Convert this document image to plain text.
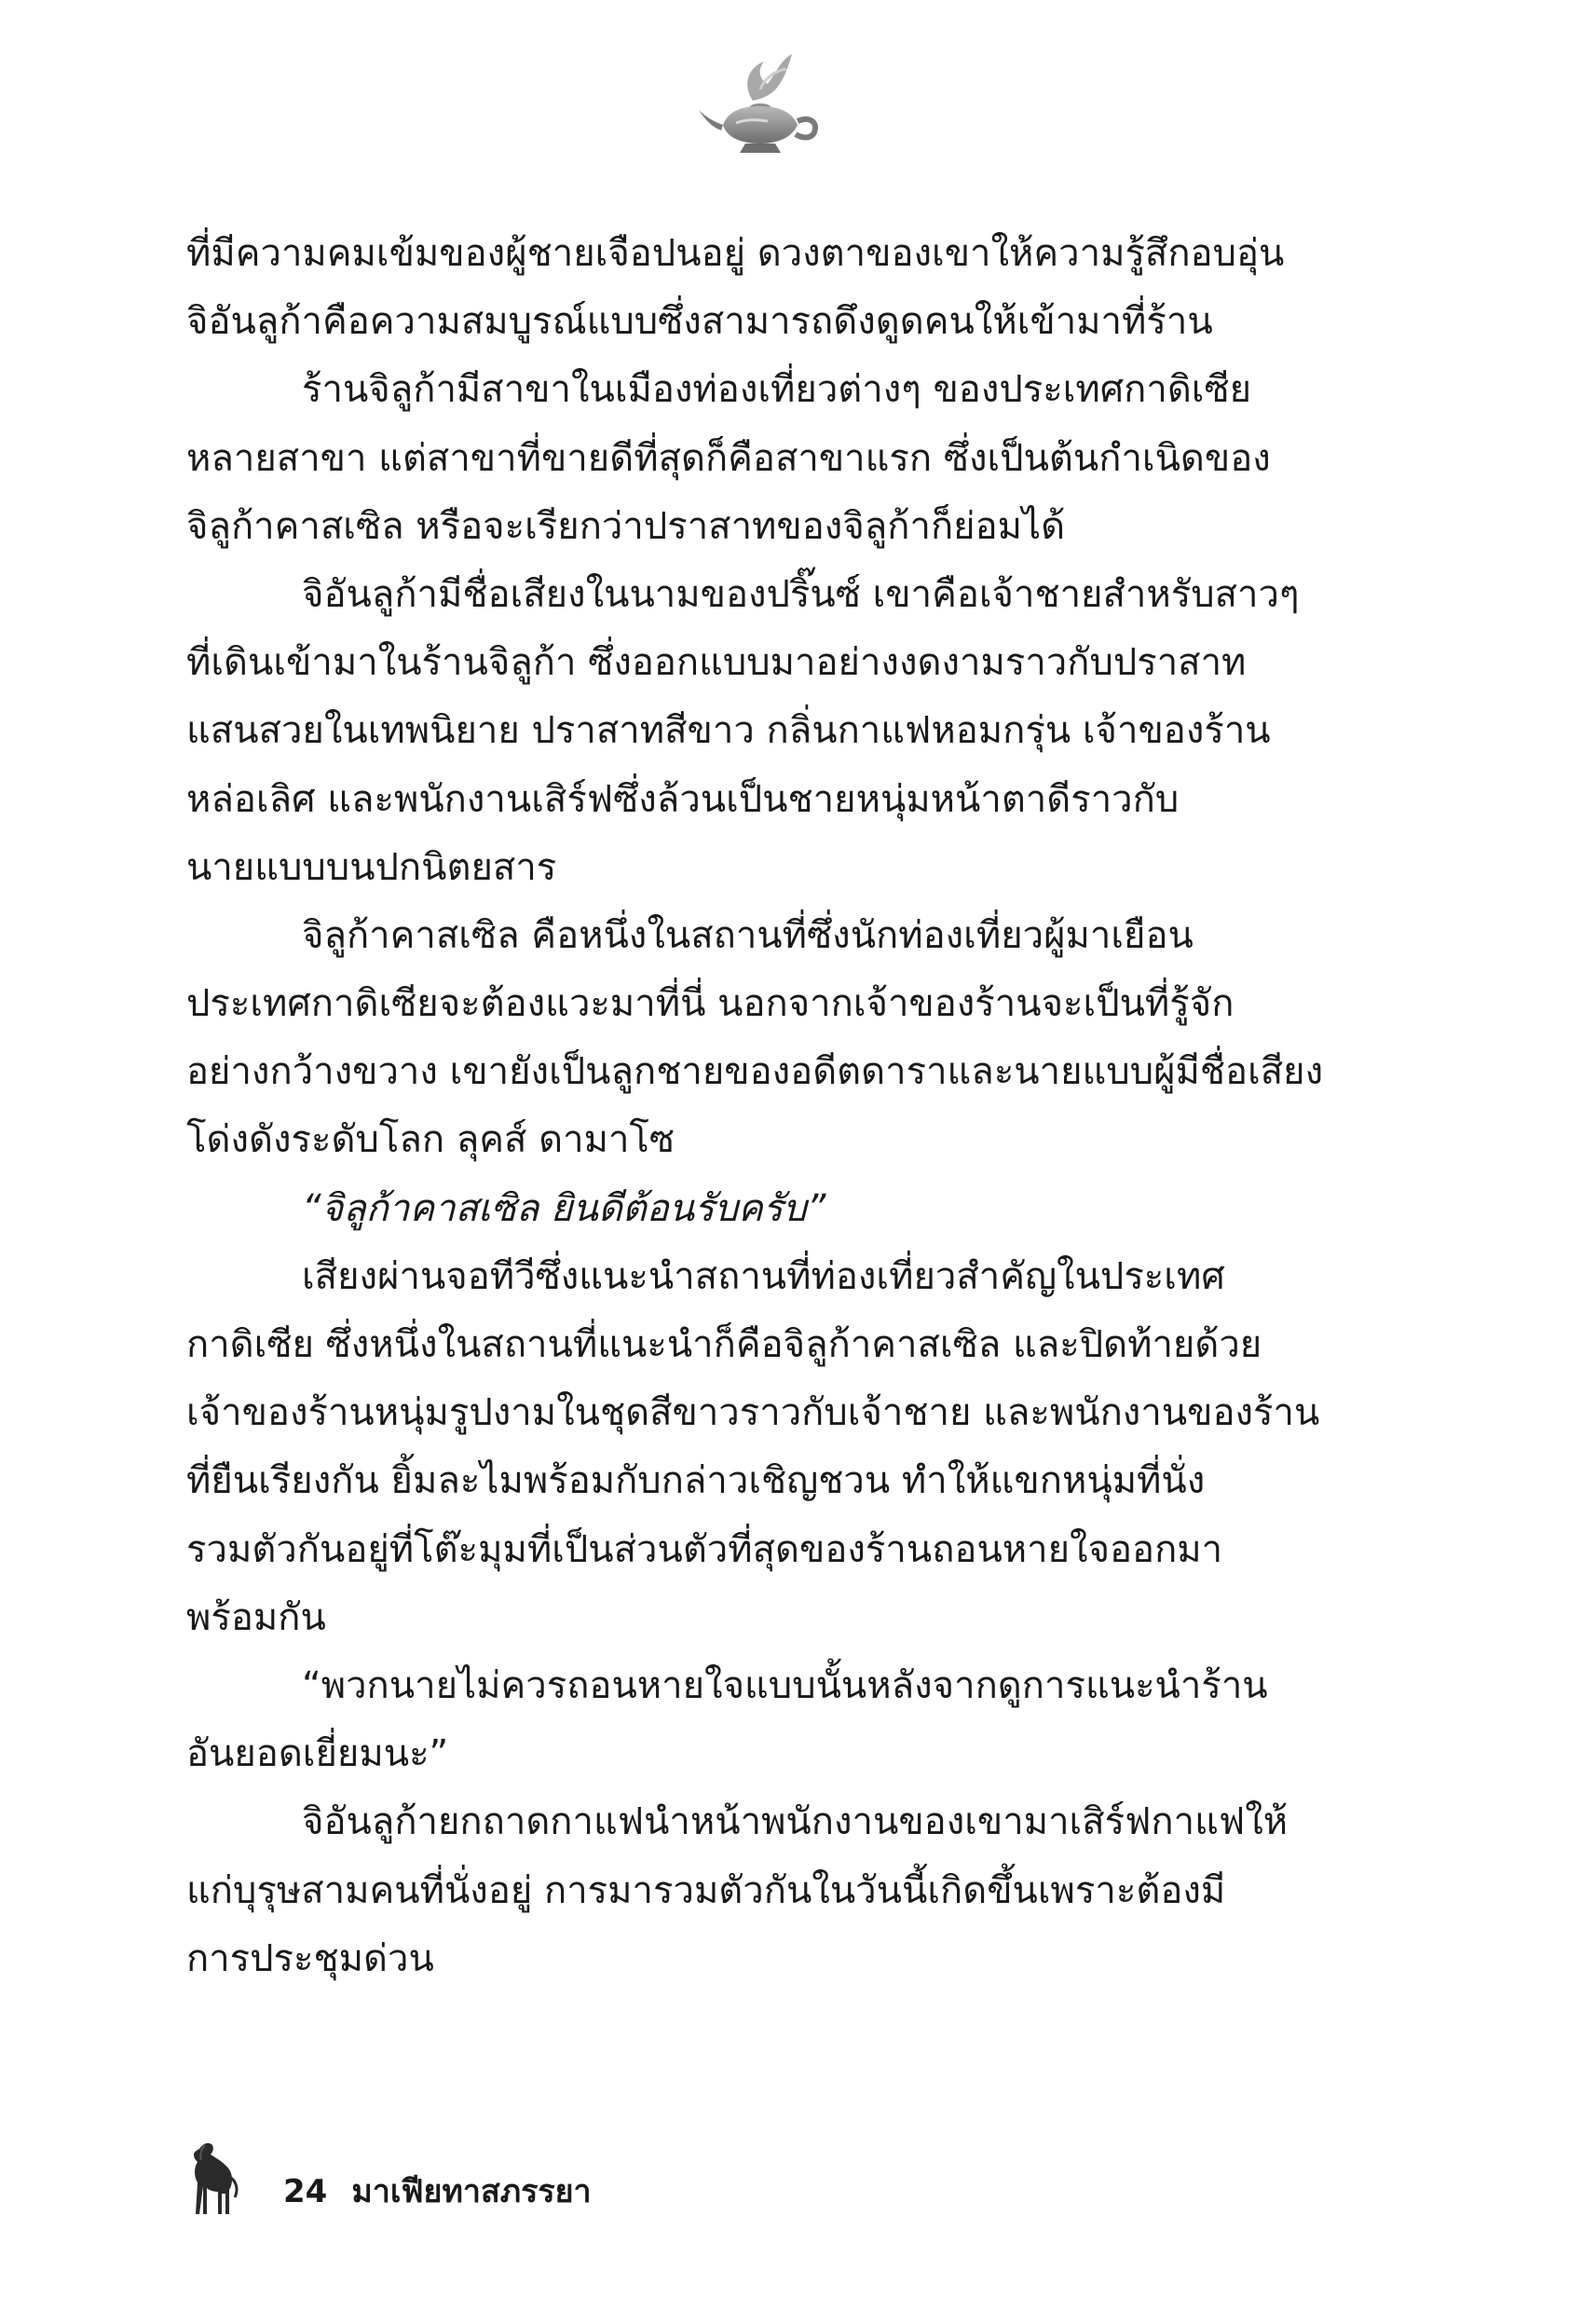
ที่มีความคมเข้มของผู้ชายเจือปนอยู่ ดวงตาของเขาให้ความรู้สึกอบอุ่น
จิอันลูก้าคือความสมบูรณ์แบบซึ่งสามารถดึงดูดคนให้เข้ามาที่ร้าน
ร้านจิลูก้ามีสาขาในเมืองท่องเที่ยวต่างๆ ของประเทศกาดิเซีย
หลายสาขา แต่สาขาที่ขายดีที่สุดก็คือสาขาแรก ซึ่งเป็นต้นกำเนิดของ
จิลูก้าคาสเซิล หรือจะเรียกว่าปราสาทของจิลูก้าก็ย่อมได้
จิอันลูก้ามีชื่อเสียงในนามของปริ๊นซ์ เขาคือเจ้าชายสำหรับสาวๆ
ที่เดินเข้ามาในร้านจิลูก้า ซึ่งออกแบบมาอย่างงดงามราวกับปราสาท
แสนสวยในเทพนิยาย ปราสาทสีขาว กลิ่นกาแฟหอมกรุ่น เจ้าของร้าน
หล่อเลิศ และพนักงานเสิร์ฟซึ่งล้วนเป็นชายหนุ่มหน้าตาดีราวกับ
นายแบบบนปกนิตยสาร
จิลูก้าคาสเซิล คือหนึ่งในสถานที่ซึ่งนักท่องเที่ยวผู้มาเยือน
ประเทศกาดิเซียจะต้องแวะมาที่นี่ นอกจากเจ้าของร้านจะเป็นที่รู้จัก
อย่างกว้างขวาง เขายังเป็นลูกชายของอดีตดาราและนายแบบผู้มีชื่อเสียง
โด่งดังระดับโลก ลุคส์ ดามาโซ
“จิลูก้าคาสเซิล ยินดีต้อนรับครับ”
เสียงผ่านจอทีวีซึ่งแนะนำสถานที่ท่องเที่ยวสำคัญในประเทศ
กาดิเซีย ซึ่งหนึ่งในสถานที่แนะนำก็คือจิลูก้าคาสเซิล และปิดท้ายด้วย
เจ้าของร้านหนุ่มรูปงามในชุดสีขาวราวกับเจ้าชาย และพนักงานของร้าน
ที่ยืนเรียงกัน ยิ้มละไมพร้อมกับกล่าวเชิญชวน ทำให้แขกหนุ่มที่นั่ง
รวมตัวกันอยู่ที่โต๊ะมุมที่เป็นส่วนตัวที่สุดของร้านถอนหายใจออกมา
พร้อมกัน
“พวกนายไม่ควรถอนหายใจแบบนั้นหลังจากดูการแนะนำร้าน
อันยอดเยี่ยมนะ”
จิอันลูก้ายกถาดกาแฟนำหน้าพนักงานของเขามาเสิร์ฟกาแฟให้
แก่บุรุษสามคนที่นั่งอยู่ การมารวมตัวกันในวันนี้เกิดขึ้นเพราะต้องมี
การประชุมด่วน
24 มาเฟียทาสภรรยา
